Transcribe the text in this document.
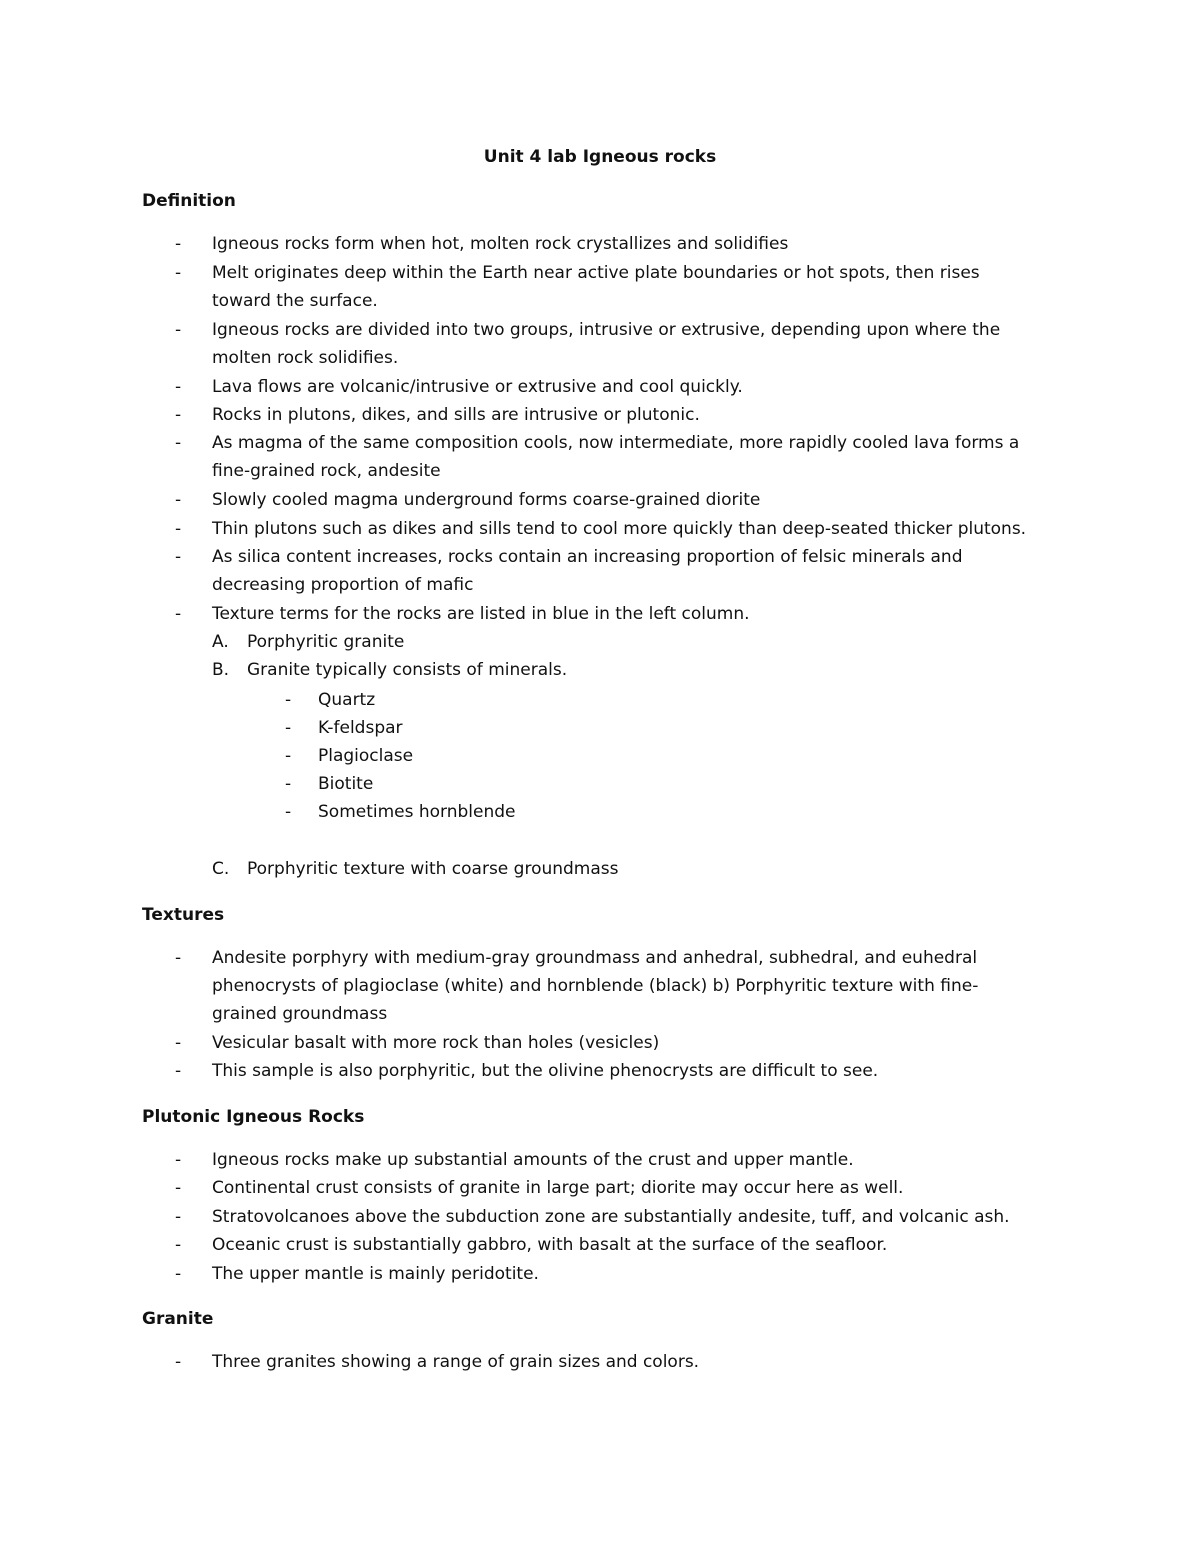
Unit 4 lab Igneous rocks
Definition
- Igneous rocks form when hot, molten rock crystallizes and solidifies
- Melt originates deep within the Earth near active plate boundaries or hot spots, then rises
toward the surface.
- Igneous rocks are divided into two groups, intrusive or extrusive, depending upon where the
molten rock solidifies.
- Lava flows are volcanic/intrusive or extrusive and cool quickly.
- Rocks in plutons, dikes, and sills are intrusive or plutonic.
- As magma of the same composition cools, now intermediate, more rapidly cooled lava forms a
fine-grained rock, andesite
- Slowly cooled magma underground forms coarse-grained diorite
- Thin plutons such as dikes and sills tend to cool more quickly than deep-seated thicker plutons.
- As silica content increases, rocks contain an increasing proportion of felsic minerals and
decreasing proportion of mafic
- Texture terms for the rocks are listed in blue in the left column.
A. Porphyritic granite
B. Granite typically consists of minerals.
- Quartz
- K-feldspar
- Plagioclase
- Biotite
- Sometimes hornblende
C. Porphyritic texture with coarse groundmass
Textures
- Andesite porphyry with medium-gray groundmass and anhedral, subhedral, and euhedral
phenocrysts of plagioclase (white) and hornblende (black) b) Porphyritic texture with fine-
grained groundmass
- Vesicular basalt with more rock than holes (vesicles)
- This sample is also porphyritic, but the olivine phenocrysts are difficult to see.
Plutonic Igneous Rocks
- Igneous rocks make up substantial amounts of the crust and upper mantle.
- Continental crust consists of granite in large part; diorite may occur here as well.
- Stratovolcanoes above the subduction zone are substantially andesite, tuff, and volcanic ash.
- Oceanic crust is substantially gabbro, with basalt at the surface of the seafloor.
- The upper mantle is mainly peridotite.
Granite
- Three granites showing a range of grain sizes and colors.
